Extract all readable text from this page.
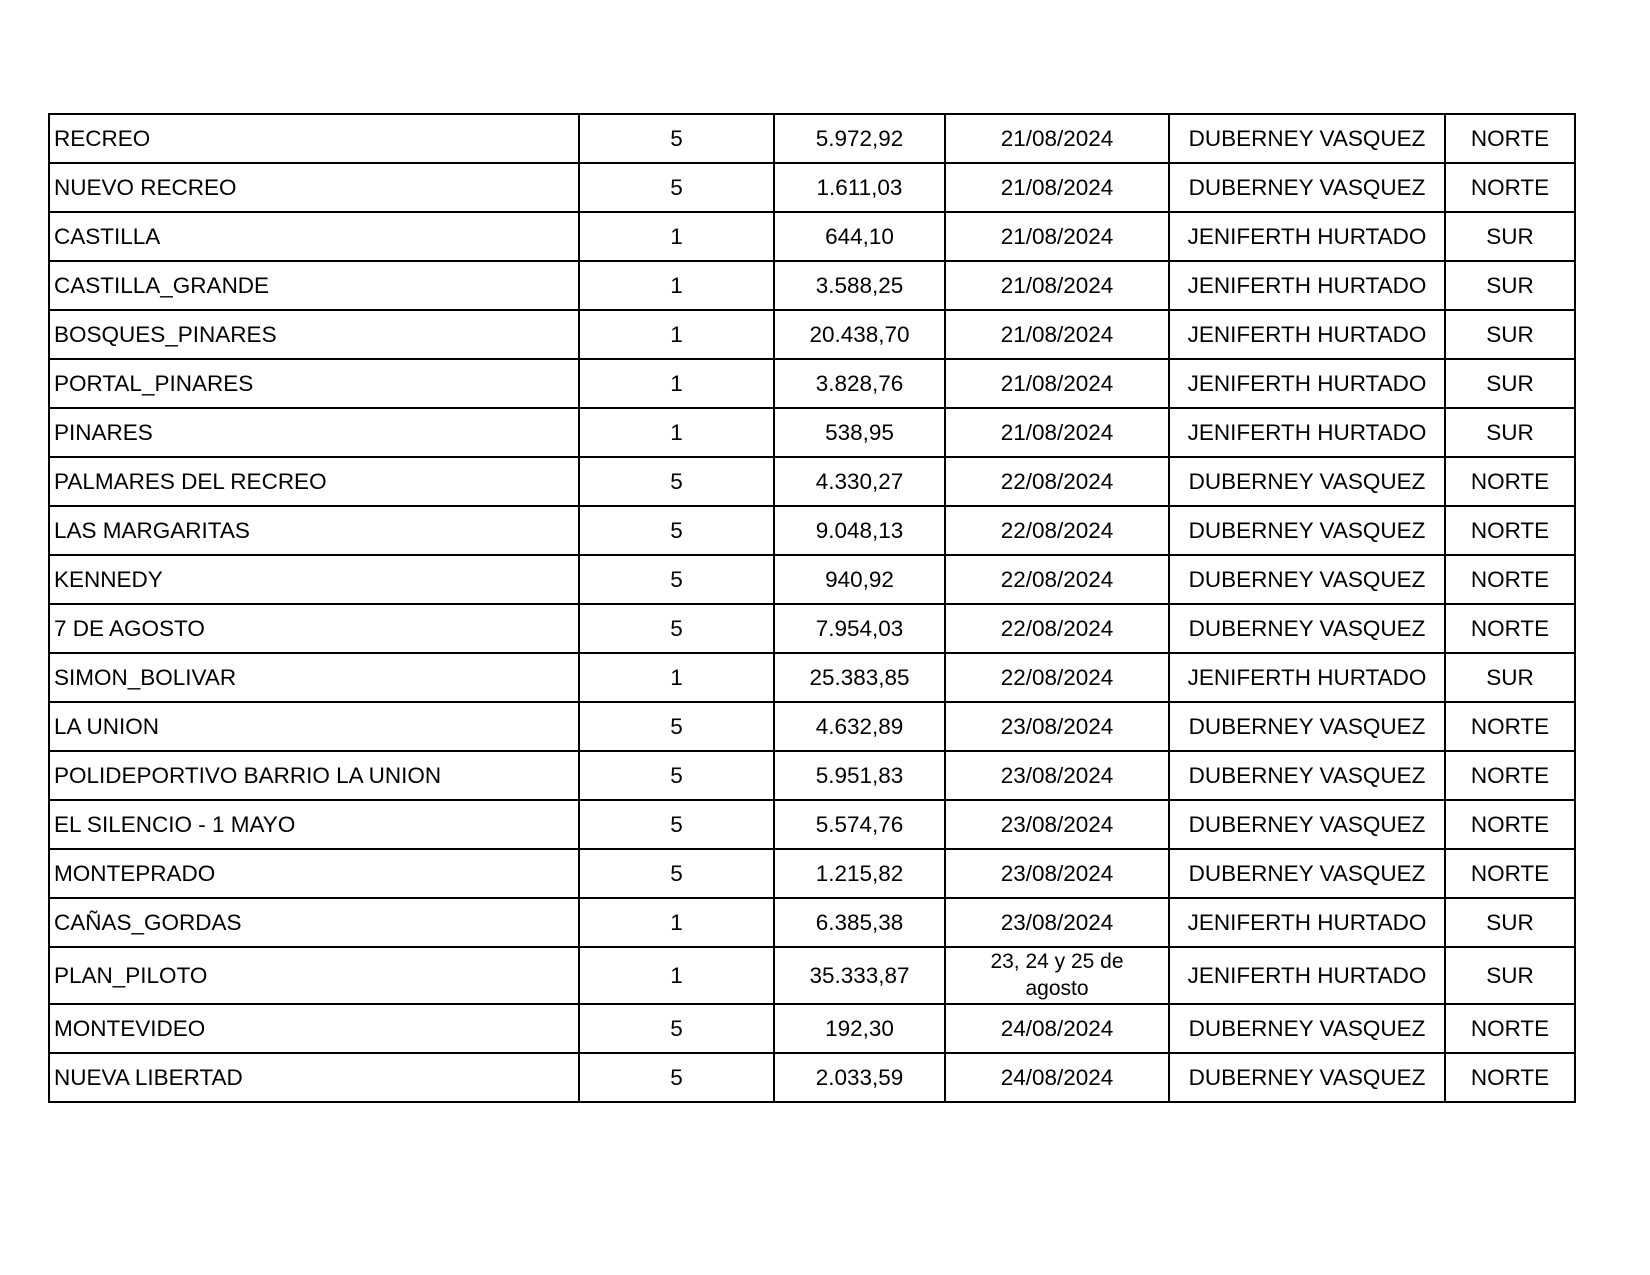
RECREO	5	5.972,92	21/08/2024	DUBERNEY VASQUEZ	NORTE
NUEVO RECREO	5	1.611,03	21/08/2024	DUBERNEY VASQUEZ	NORTE
CASTILLA	1	644,10	21/08/2024	JENIFERTH HURTADO	SUR
CASTILLA_GRANDE	1	3.588,25	21/08/2024	JENIFERTH HURTADO	SUR
BOSQUES_PINARES	1	20.438,70	21/08/2024	JENIFERTH HURTADO	SUR
PORTAL_PINARES	1	3.828,76	21/08/2024	JENIFERTH HURTADO	SUR
PINARES	1	538,95	21/08/2024	JENIFERTH HURTADO	SUR
PALMARES DEL RECREO	5	4.330,27	22/08/2024	DUBERNEY VASQUEZ	NORTE
LAS MARGARITAS	5	9.048,13	22/08/2024	DUBERNEY VASQUEZ	NORTE
KENNEDY	5	940,92	22/08/2024	DUBERNEY VASQUEZ	NORTE
7 DE AGOSTO	5	7.954,03	22/08/2024	DUBERNEY VASQUEZ	NORTE
SIMON_BOLIVAR	1	25.383,85	22/08/2024	JENIFERTH HURTADO	SUR
LA UNION	5	4.632,89	23/08/2024	DUBERNEY VASQUEZ	NORTE
POLIDEPORTIVO BARRIO LA UNION	5	5.951,83	23/08/2024	DUBERNEY VASQUEZ	NORTE
EL SILENCIO - 1 MAYO	5	5.574,76	23/08/2024	DUBERNEY VASQUEZ	NORTE
MONTEPRADO	5	1.215,82	23/08/2024	DUBERNEY VASQUEZ	NORTE
CAÑAS_GORDAS	1	6.385,38	23/08/2024	JENIFERTH HURTADO	SUR
PLAN_PILOTO	1	35.333,87	23, 24 y 25 de agosto	JENIFERTH HURTADO	SUR
MONTEVIDEO	5	192,30	24/08/2024	DUBERNEY VASQUEZ	NORTE
NUEVA LIBERTAD	5	2.033,59	24/08/2024	DUBERNEY VASQUEZ	NORTE
